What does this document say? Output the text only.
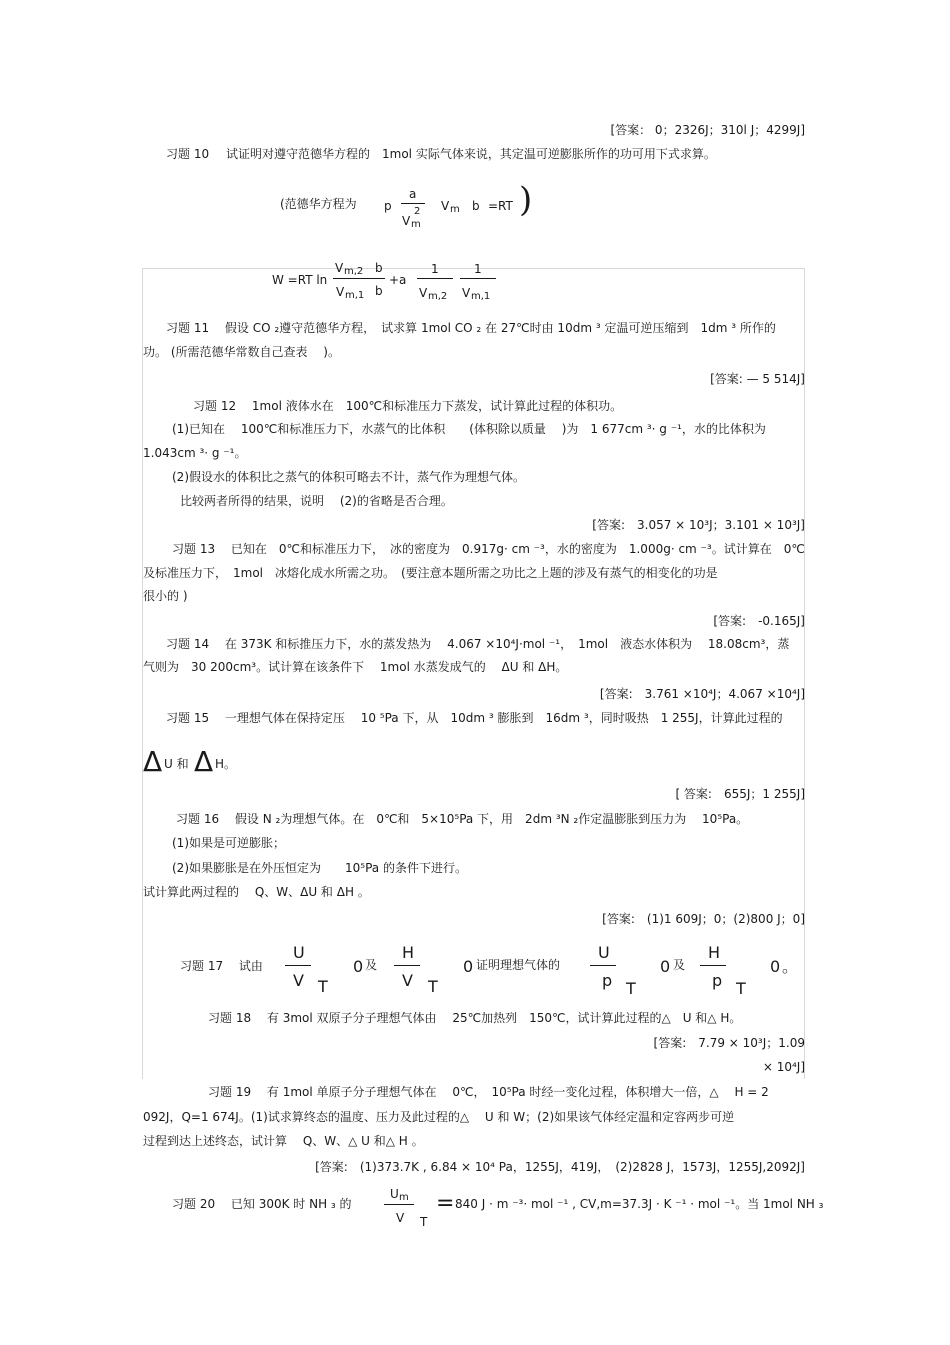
[答案： 0；2326J；310l J；4299J]
习题 10 试证明对遵守范德华方程的　1mol 实际气体来说，其定温可逆膨胀所作的功可用下式求算。
(范德华方程为 p
a
V
2
m
V m b =RT )
W =RT ln
V m,2 b
V m,1 b
+a
1
V m,2
1
V m,1
习题 11　 假设 CO ₂遵守范德华方程，　试求算 1mol CO ₂ 在 27℃时由 10dm ³ 定温可逆压缩到　1dm ³ 所作的
功。 (所需范德华常数自己查表　 )。
[答案: — 5 514J]
习题 12　 1mol 液体水在　100℃和标准压力下蒸发，试计算此过程的体积功。
(1)已知在　 100℃和标准压力下，水蒸气的比体积　　(体积除以质量　 )为　1 677cm ³· g ⁻¹，水的比体积为
1.043cm ³· g ⁻¹。
(2)假设水的体积比之蒸气的体积可略去不计，蒸气作为理想气体。
比较两者所得的结果，说明　 (2)的省略是否合理。
[答案:　3.057 × 10³J；3.101 × 10³J]
习题 13　 已知在　0℃和标准压力下，　冰的密度为　0.917g· cm ⁻³，水的密度为　1.000g· cm ⁻³。试计算在　0℃
及标准压力下，　1mol　冰熔化成水所需之功。　(要注意本题所需之功比之上题的涉及有蒸气的相变化的功是
很小的 )
[答案:　-0.165J]
习题 14　 在 373K 和标推压力下，水的蒸发热为　 4.067 ×10⁴J·mol ⁻¹，　1mol　液态水体积为　 18.08cm³，蒸
气则为　30 200cm³。试计算在该条件下　 1mol 水蒸发成气的　 ΔU 和 ΔH。
[答案:　3.761 ×10⁴J；4.067 ×10⁴J]
习题 15　 一理想气体在保持定压　 10 ⁵Pa 下，从　10dm ³ 膨胀到　16dm ³，同时吸热　1 255J，计算此过程的
Δ U 和 Δ H。
[ 答案:　655J；1 255J]
习题 16　 假设 N ₂为理想气体。在　0℃和　5×10⁵Pa 下，用　2dm ³N ₂作定温膨胀到压力为　 10⁵Pa。
(1)如果是可逆膨胀；
(2)如果膨胀是在外压恒定为　　10⁵Pa 的条件下进行。
试计算此两过程的　 Q、W、ΔU 和 ΔH 。
[答案:　(1)1 609J；0；(2)800 J；0]
习题 17　 试由
U
V T
0 及
H
V T
0 证明理想气体的
U
p T
0 及
H
p T
0 。
习题 18　 有 3mol 双原子分子理想气体由　 25℃加热列　150℃，试计算此过程的△　U 和△ H。
[答案:　7.79 × 10³J；1.09
× 10⁴J]
习题 19　 有 1mol 单原子分子理想气体在　 0℃，　10⁵Pa 时经一变化过程，体积增大一倍，△　 H = 2
092J，Q=1 674J。(1)试求算终态的温度、压力及此过程的△　 U 和 W；(2)如果该气体经定温和定容两步可逆
过程到达上述终态，试计算　 Q、W、△ U 和△ H 。
[答案:　(1)373.7K , 6.84 × 10⁴ Pa，1255J，419J，　(2)2828 J，1573J，1255J,2092J]
习题 20　 已知 300K 时 NH ₃ 的
U m
V T
= 840 J · m ⁻³· mol ⁻¹ , CV,m=37.3J · K ⁻¹ · mol ⁻¹。当 1mol NH ₃
